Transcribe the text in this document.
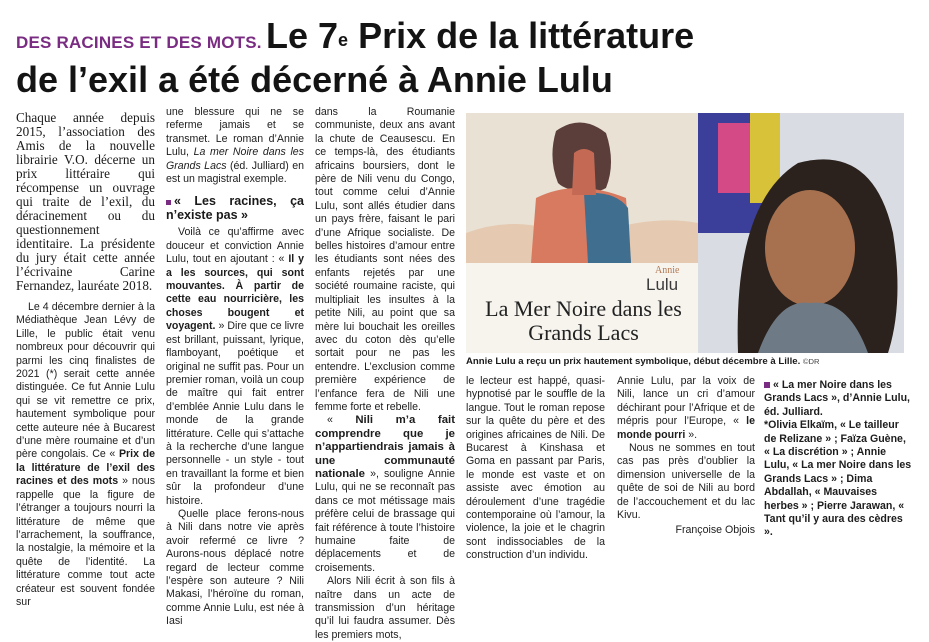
DES RACINES ET DES MOTS. Le 7e Prix de la littérature
de l’exil a été décerné à Annie Lulu

Chaque année depuis 2015, l’association des Amis de la nouvelle librairie V.O. décerne un prix littéraire qui récompense un ouvrage qui traite de l’exil, du déracinement ou du questionnement identitaire. La présidente du jury était cette année l’écrivaine Carine Fernandez, lauréate 2018.

Le 4 décembre dernier à la Médiathèque Jean Lévy de Lille, le public était venu nombreux pour découvrir qui parmi les cinq finalistes de 2021 (*) serait cette année distinguée. Ce fut Annie Lulu qui se vit remettre ce prix, hautement symbolique pour cette auteure née à Bucarest d’une mère roumaine et d’un père congolais. Ce « Prix de la littérature de l’exil des racines et des mots » nous rappelle que la figure de l’étranger a toujours nourri la littérature de même que l’arrachement, la souffrance, la nostalgie, la mémoire et la quête de l’identité. La littérature comme tout acte créateur est souvent fondée sur

une blessure qui ne se referme jamais et se transmet. Le roman d’Annie Lulu, La mer Noire dans les Grands Lacs (éd. Julliard) en est un magistral exemple.

« Les racines, ça n’existe pas »

Voilà ce qu’affirme avec douceur et conviction Annie Lulu, tout en ajoutant : « Il y a les sources, qui sont mouvantes. À partir de cette eau nourricière, les choses bougent et voyagent. » Dire que ce livre est brillant, puissant, lyrique, flamboyant, poétique et original ne suffit pas. Pour un premier roman, voilà un coup de maître qui fait entrer d’emblée Annie Lulu dans le monde de la grande littérature. Celle qui s’attache à la recherche d’une langue personnelle - un style - tout en travaillant la forme et bien sûr la profondeur d’une histoire.

Quelle place ferons-nous à Nili dans notre vie après avoir refermé ce livre ? Aurons-nous déplacé notre regard de lecteur comme l’espère son auteure ? Nili Makasi, l’héroïne du roman, comme Annie Lulu, est née à Iasi

dans la Roumanie communiste, deux ans avant la chute de Ceausescu. En ce temps-là, des étudiants africains boursiers, dont le père de Nili venu du Congo, tout comme celui d’Annie Lulu, sont allés étudier dans un pays frère, faisant le pari d’une Afrique socialiste. De belles histoires d’amour entre les étudiants sont nées des enfants rejetés par une société roumaine raciste, qui multipliait les insultes à la petite Nili, au point que sa mère lui bouchait les oreilles avec du coton dès qu’elle sortait pour ne pas les entendre. L’exclusion comme première expérience de l’enfance fera de Nili une femme forte et rebelle.

« Nili m’a fait comprendre que je n’appartiendrais jamais à une communauté nationale », souligne Annie Lulu, qui ne se reconnaît pas dans ce mot métissage mais préfère celui de brassage qui fait référence à toute l’histoire humaine faite de déplacements et de croisements.

Alors Nili écrit à son fils à naître dans un acte de transmission d’un héritage qu’il lui faudra assumer. Dès les premiers mots,

Annie
Lulu
La Mer Noire dans les Grands Lacs
Annie Lulu a reçu un prix hautement symbolique, début décembre à Lille. ©DR

le lecteur est happé, quasi-hypnotisé par le souffle de la langue. Tout le roman repose sur la quête du père et des origines africaines de Nili. De Bucarest à Kinshasa et Goma en passant par Paris, le monde est vaste et on assiste avec émotion au déroulement d’une tragédie contemporaine où l’amour, la violence, la joie et le chagrin sont indissociables de la construction d’un individu.

Annie Lulu, par la voix de Nili, lance un cri d’amour déchirant pour l’Afrique et de mépris pour l’Europe, « le monde pourri ».

Nous ne sommes en tout cas pas près d’oublier la dimension universelle de la quête de soi de Nili au bord de l’accouchement et du lac Kivu.

Françoise Objois
« La mer Noire dans les Grands Lacs », d’Annie Lulu, éd. Julliard.
*Olivia Elkaïm, « Le tailleur de Relizane » ; Faïza Guène, « La discrétion » ; Annie Lulu, « La mer Noire dans les Grands Lacs » ; Dima Abdallah, « Mauvaises herbes » ; Pierre Jarawan, « Tant qu’il y aura des cèdres ».
